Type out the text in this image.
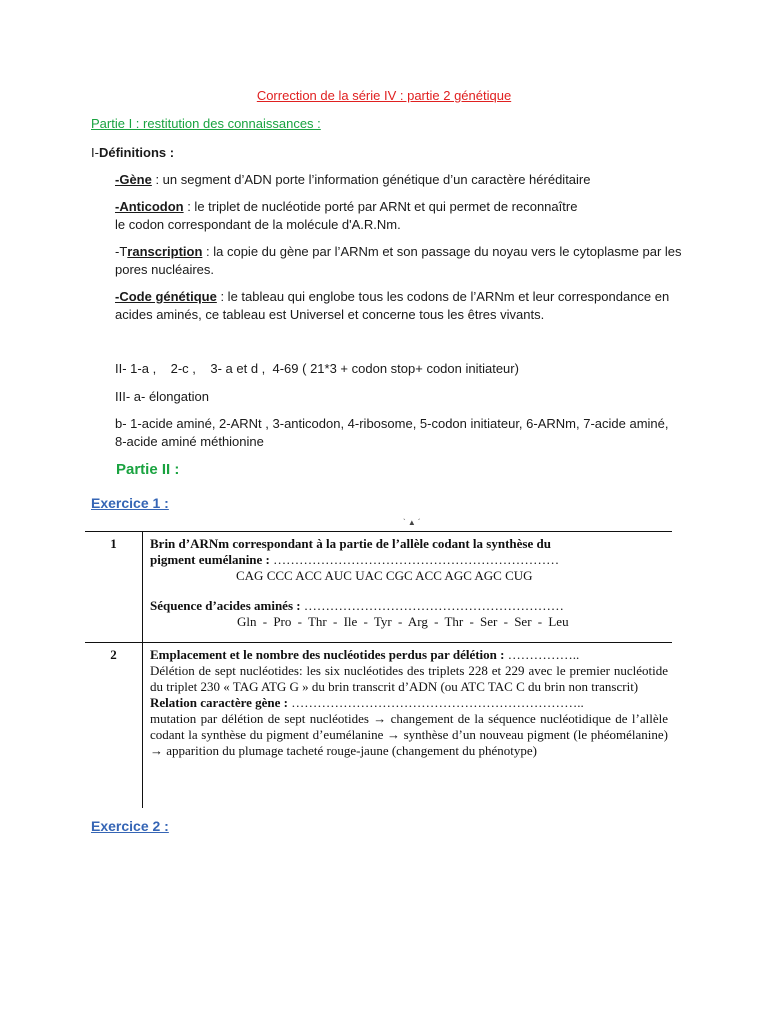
Correction de la série IV : partie 2 génétique
Partie I : restitution des connaissances :
I-Définitions :
-Gène : un segment d’ADN porte l’information génétique d’un caractère héréditaire
-Anticodon : le triplet de nucléotide porté par ARNt et qui permet de reconnaître
le codon correspondant de la molécule d'A.R.Nm.
-Transcription : la copie du gène par l’ARNm et son passage du noyau vers le cytoplasme par les
pores nucléaires.
-Code génétique : le tableau qui englobe tous les codons de l’ARNm et leur correspondance en
acides aminés, ce tableau est Universel et concerne tous les êtres vivants.
II- 1-a ,    2-c ,    3- a et d ,  4-69 ( 21*3 + codon stop+ codon initiateur)
III- a- élongation
b- 1-acide aminé, 2-ARNt , 3-anticodon, 4-ribosome, 5-codon initiateur, 6-ARNm, 7-acide aminé,
8-acide aminé méthionine
Partie II :
Exercice 1 :
` ▲ ´
1	Brin d’ARNm correspondant à la partie de l’allèle codant la synthèse du
pigment eumélanine : …………………………………………………………
CAG CCC ACC AUC UAC CGC ACC AGC AGC CUG
Séquence d’acides aminés : ……………………………………………………
Gln - Pro - Thr - Ile - Tyr - Arg - Thr - Ser - Ser - Leu

2	Emplacement et le nombre des nucléotides perdus par délétion : ……………..
Délétion de sept nucléotides: les six nucléotides des triplets 228 et 229 avec le premier nucléotide du triplet 230 « TAG ATG G » du brin transcrit d’ADN (ou ATC TAC C du brin non transcrit)
Relation caractère gène : …………………………………………………………..
mutation par délétion de sept nucléotides → changement de la séquence nucléotidique de l’allèle codant la synthèse du pigment d’eumélanine → synthèse d’un nouveau pigment (le phéomélanine) → apparition du plumage tacheté rouge-jaune (changement du phénotype)
Exercice 2 :
